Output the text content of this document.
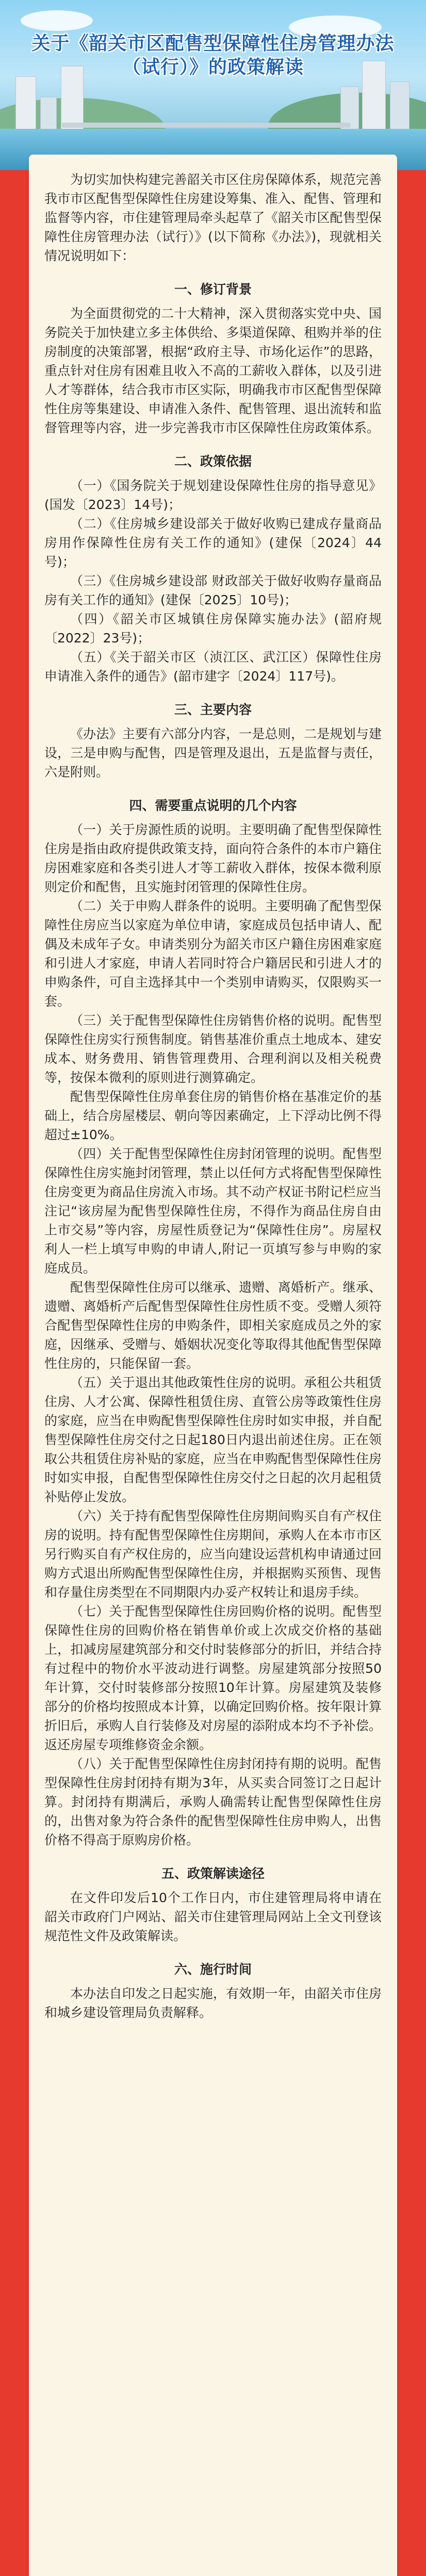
关于《韶关市区配售型保障性住房管理办法
（试行）》的政策解读

为切实加快构建完善韶关市区住房保障体系，规范完善我市市区配售型保障性住房建设筹集、准入、配售、管理和监督等内容，市住建管理局牵头起草了《韶关市区配售型保障性住房管理办法（试行）》(以下简称《办法》)，现就相关情况说明如下：

一、修订背景

为全面贯彻党的二十大精神，深入贯彻落实党中央、国务院关于加快建立多主体供给、多渠道保障、租购并举的住房制度的决策部署，根据“政府主导、市场化运作”的思路，重点针对住房有困难且收入不高的工薪收入群体，以及引进人才等群体，结合我市市区实际，明确我市市区配售型保障性住房等集建设、申请准入条件、配售管理、退出流转和监督管理等内容，进一步完善我市市区保障性住房政策体系。

二、政策依据

（一）《国务院关于规划建设保障性住房的指导意见》(国发〔2023〕14号)；

（二）《住房城乡建设部关于做好收购已建成存量商品房用作保障性住房有关工作的通知》(建保〔2024〕44号)；

（三）《住房城乡建设部 财政部关于做好收购存量商品房有关工作的通知》(建保〔2025〕10号)；

（四）《韶关市区城镇住房保障实施办法》(韶府规〔2022〕23号)；

（五）《关于韶关市区（浈江区、武江区）保障性住房申请准入条件的通告》(韶市建字〔2024〕117号)。

三、主要内容

《办法》主要有六部分内容，一是总则，二是规划与建设，三是申购与配售，四是管理及退出，五是监督与责任，六是附则。

四、需要重点说明的几个内容

（一）关于房源性质的说明。主要明确了配售型保障性住房是指由政府提供政策支持，面向符合条件的本市户籍住房困难家庭和各类引进人才等工薪收入群体，按保本微利原则定价和配售，且实施封闭管理的保障性住房。

（二）关于申购人群条件的说明。主要明确了配售型保障性住房应当以家庭为单位申请，家庭成员包括申请人、配偶及未成年子女。申请类别分为韶关市区户籍住房困难家庭和引进人才家庭，申请人若同时符合户籍居民和引进人才的申购条件，可自主选择其中一个类别申请购买，仅限购买一套。

（三）关于配售型保障性住房销售价格的说明。配售型保障性住房实行预售制度。销售基准价重点土地成本、建安成本、财务费用、销售管理费用、合理利润以及相关税费等，按保本微利的原则进行测算确定。

配售型保障性住房单套住房的销售价格在基准定价的基础上，结合房屋楼层、朝向等因素确定，上下浮动比例不得超过±10%。

（四）关于配售型保障性住房封闭管理的说明。配售型保障性住房实施封闭管理，禁止以任何方式将配售型保障性住房变更为商品住房流入市场。其不动产权证书附记栏应当注记“该房屋为配售型保障性住房，不得作为商品住房自由上市交易”等内容，房屋性质登记为“保障性住房”。房屋权利人一栏上填写申购的申请人,附记一页填写参与申购的家庭成员。

配售型保障性住房可以继承、遗赠、离婚析产。继承、遗赠、离婚析产后配售型保障性住房性质不变。受赠人须符合配售型保障性住房的申购条件，即相关家庭成员之外的家庭，因继承、受赠与、婚姻状况变化等取得其他配售型保障性住房的，只能保留一套。

（五）关于退出其他政策性住房的说明。承租公共租赁住房、人才公寓、保障性租赁住房、直管公房等政策性住房的家庭，应当在申购配售型保障性住房时如实申报，并自配售型保障性住房交付之日起180日内退出前述住房。正在领取公共租赁住房补贴的家庭，应当在申购配售型保障性住房时如实申报，自配售型保障性住房交付之日起的次月起租赁补贴停止发放。

（六）关于持有配售型保障性住房期间购买自有产权住房的说明。持有配售型保障性住房期间，承购人在本市市区另行购买自有产权住房的，应当向建设运营机构申请通过回购方式退出所购配售型保障性住房，并根据购买预售、现售和存量住房类型在不同期限内办妥产权转让和退房手续。

（七）关于配售型保障性住房回购价格的说明。配售型保障性住房的回购价格在销售单价或上次成交价格的基础上，扣减房屋建筑部分和交付时装修部分的折旧，并结合持有过程中的物价水平波动进行调整。房屋建筑部分按照50年计算，交付时装修部分按照10年计算。房屋建筑及装修部分的价格均按照成本计算，以确定回购价格。按年限计算折旧后，承购人自行装修及对房屋的添附成本均不予补偿。返还房屋专项维修资金余额。

（八）关于配售型保障性住房封闭持有期的说明。配售型保障性住房封闭持有期为3年，从买卖合同签订之日起计算。封闭持有期满后，承购人确需转让配售型保障性住房的，出售对象为符合条件的配售型保障性住房申购人，出售价格不得高于原购房价格。

五、政策解读途径

在文件印发后10个工作日内，市住建管理局将申请在韶关市政府门户网站、韶关市住建管理局网站上全文刊登该规范性文件及政策解读。

六、施行时间

本办法自印发之日起实施，有效期一年，由韶关市住房和城乡建设管理局负责解释。
